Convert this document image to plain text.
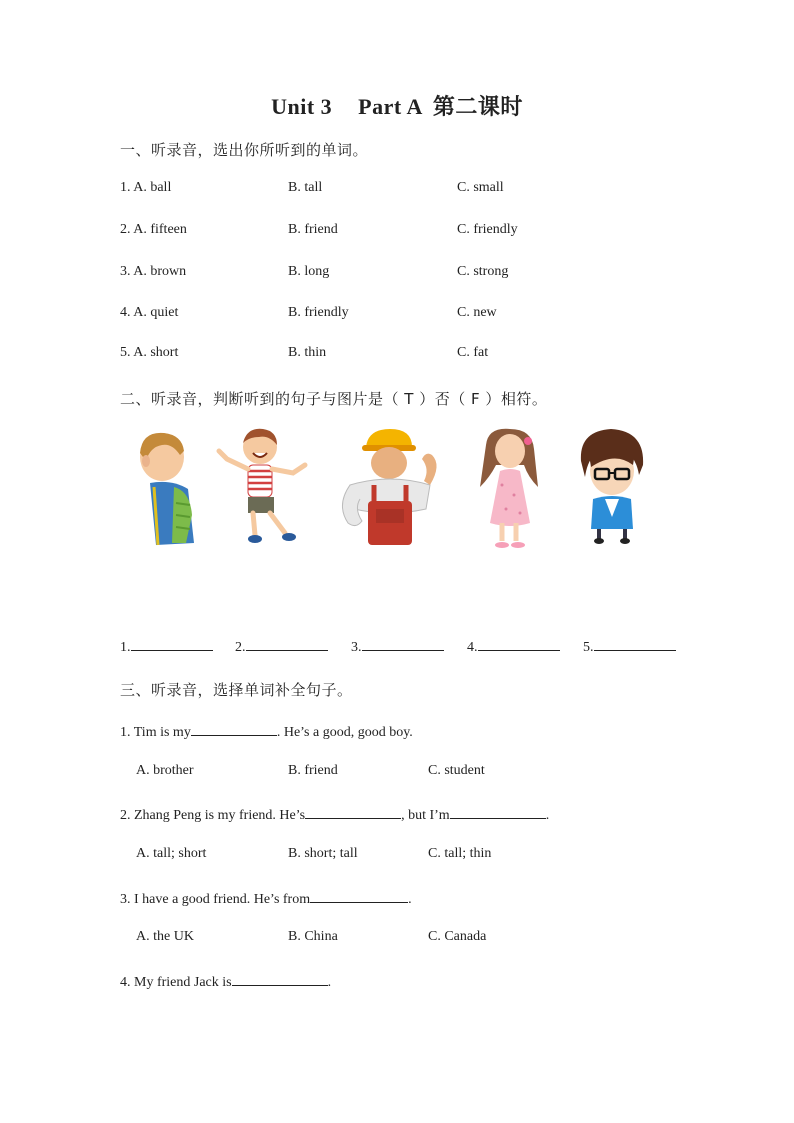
Unit 3 Part A 第二课时
一、听录音，选出你所听到的单词。
1. A. ball	B. tall	C. small
2. A. fifteen	B. friend	C. friendly
3. A. brown	B. long	C. strong
4. A. quiet	B. friendly	C. new
5. A. short	B. thin	C. fat
二、听录音，判断听到的句子与图片是（ T ）否（ F ）相符。
1.	2.	3.	4.	5.
三、听录音，选择单词补全句子。
1. Tim is my	. He’s a good, good boy.
A. brother	B. friend	C. student
2. Zhang Peng is my friend. He’s	, but I’m	.
A. tall; short	B. short; tall	C. tall; thin
3. I have a good friend. He’s from	.
A. the UK	B. China	C. Canada
4. My friend Jack is	.
